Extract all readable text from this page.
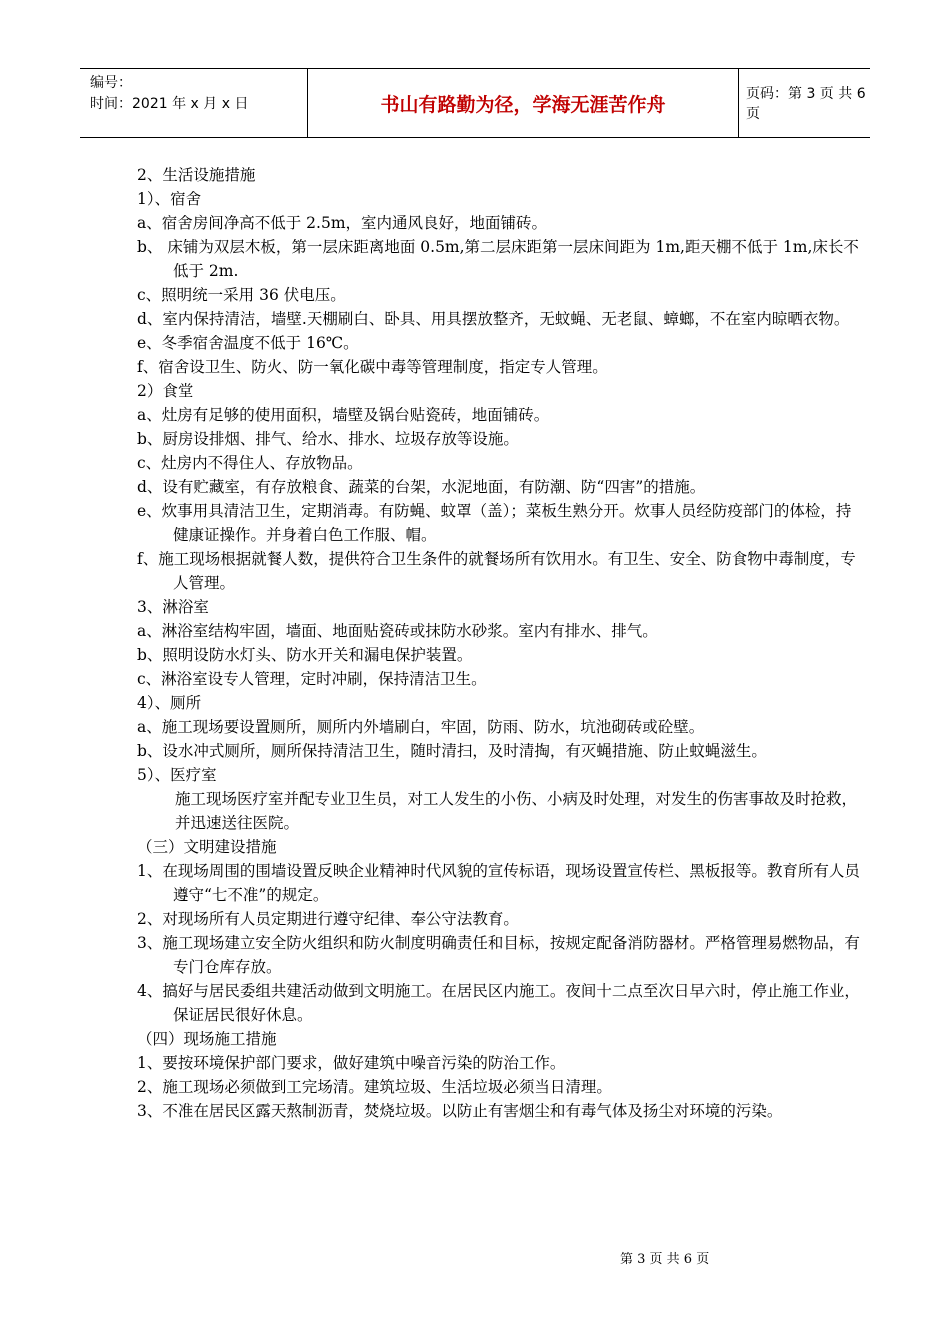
编号：
时间：2021 年 x 月 x 日	书山有路勤为径，学海无涯苦作舟	页码：第 3 页 共 6 页

2、生活设施措施

1）、宿舍

a、宿舍房间净高不低于 2.5m，室内通风良好，地面铺砖。

b、 床铺为双层木板，第一层床距离地面 0.5m,第二层床距第一层床间距为 1m,距天棚不低于 1m,床长不低于 2m.

c、照明统一采用 36 伏电压。

d、室内保持清洁，墙壁.天棚刷白、卧具、用具摆放整齐，无蚊蝇、无老鼠、蟑螂，不在室内晾晒衣物。

e、冬季宿舍温度不低于 16℃。

f、宿舍设卫生、防火、防一氧化碳中毒等管理制度，指定专人管理。

2）食堂

a、灶房有足够的使用面积，墙壁及锅台贴瓷砖，地面铺砖。

b、厨房设排烟、排气、给水、排水、垃圾存放等设施。

c、灶房内不得住人、存放物品。

d、设有贮藏室，有存放粮食、蔬菜的台架，水泥地面，有防潮、防“四害”的措施。

e、炊事用具清洁卫生，定期消毒。有防蝇、蚊罩（盖）；菜板生熟分开。炊事人员经防疫部门的体检，持健康证操作。并身着白色工作服、帽。

f、施工现场根据就餐人数，提供符合卫生条件的就餐场所有饮用水。有卫生、安全、防食物中毒制度，专人管理。

3、淋浴室

a、淋浴室结构牢固，墙面、地面贴瓷砖或抹防水砂浆。室内有排水、排气。

b、照明设防水灯头、防水开关和漏电保护装置。

c、淋浴室设专人管理，定时冲刷，保持清洁卫生。

4）、厕所

a、施工现场要设置厕所，厕所内外墙刷白，牢固，防雨、防水，坑池砌砖或砼壁。

b、设水冲式厕所，厕所保持清洁卫生，随时清扫，及时清掏，有灭蝇措施、防止蚊蝇滋生。

5）、医疗室

施工现场医疗室并配专业卫生员，对工人发生的小伤、小病及时处理，对发生的伤害事故及时抢救，并迅速送往医院。

（三）文明建设措施

1、在现场周围的围墙设置反映企业精神时代风貌的宣传标语，现场设置宣传栏、黑板报等。教育所有人员遵守“七不准”的规定。

2、对现场所有人员定期进行遵守纪律、奉公守法教育。

3、施工现场建立安全防火组织和防火制度明确责任和目标，按规定配备消防器材。严格管理易燃物品，有专门仓库存放。

4、搞好与居民委组共建活动做到文明施工。在居民区内施工。夜间十二点至次日早六时，停止施工作业，保证居民很好休息。

（四）现场施工措施

1、要按环境保护部门要求，做好建筑中噪音污染的防治工作。

2、施工现场必须做到工完场清。建筑垃圾、生活垃圾必须当日清理。

3、不准在居民区露天熬制沥青，焚烧垃圾。以防止有害烟尘和有毒气体及扬尘对环境的污染。

第 3 页 共 6 页
